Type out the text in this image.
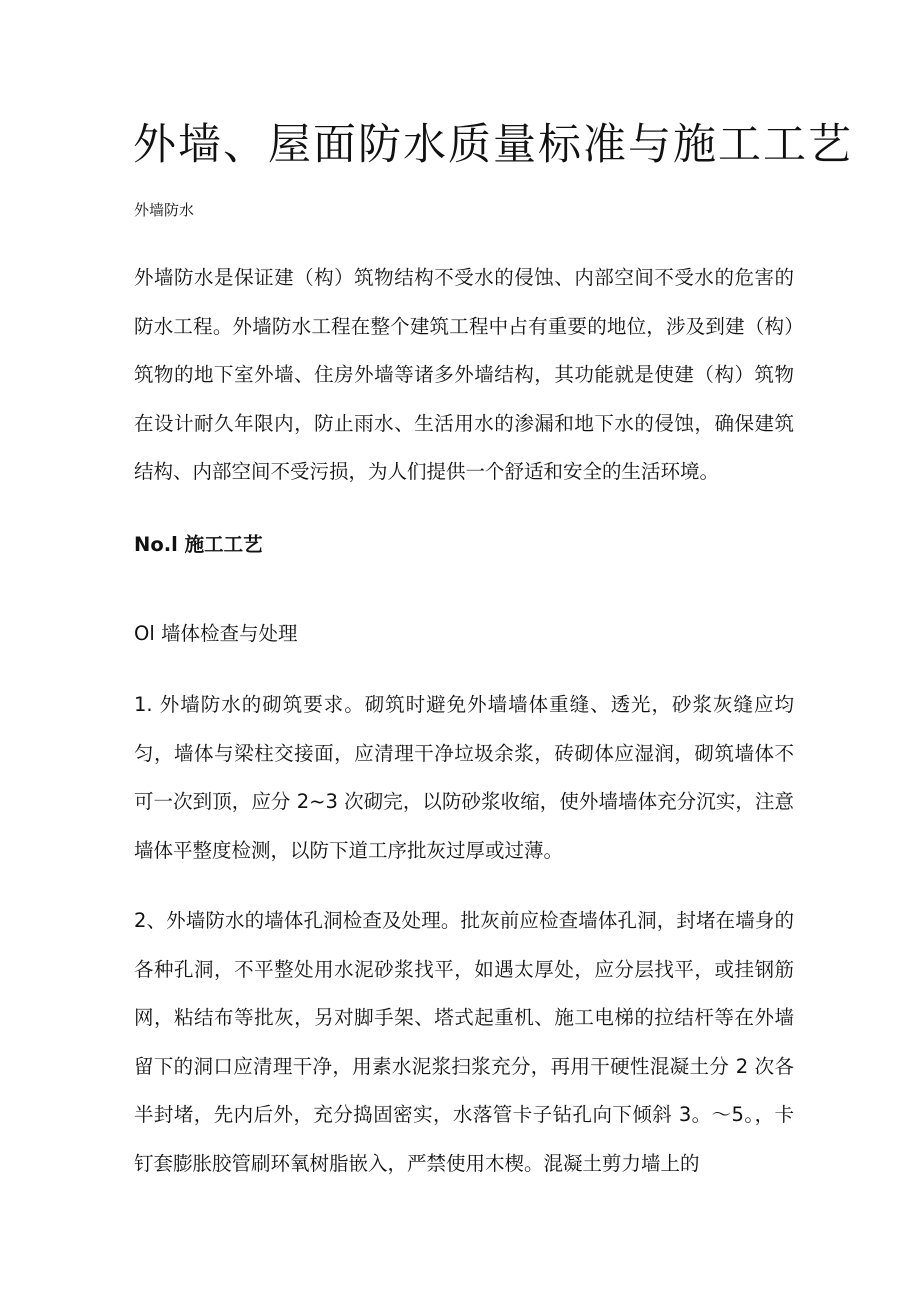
外墙、屋面防水质量标准与施工工艺

外墙防水

外墙防水是保证建（构）筑物结构不受水的侵蚀、内部空间不受水的危害的防水工程。外墙防水工程在整个建筑工程中占有重要的地位，涉及到建（构）筑物的地下室外墙、住房外墙等诸多外墙结构，其功能就是使建（构）筑物在设计耐久年限内，防止雨水、生活用水的渗漏和地下水的侵蚀，确保建筑结构、内部空间不受污损，为人们提供一个舒适和安全的生活环境。

No.l 施工工艺
Ol 墙体检查与处理

1. 外墙防水的砌筑要求。砌筑时避免外墙墙体重缝、透光，砂浆灰缝应均匀，墙体与梁柱交接面，应清理干净垃圾余浆，砖砌体应湿润，砌筑墙体不可一次到顶，应分 2~3 次砌完，以防砂浆收缩，使外墙墙体充分沉实，注意墙体平整度检测，以防下道工序批灰过厚或过薄。

2、外墙防水的墙体孔洞检查及处理。批灰前应检查墙体孔洞，封堵在墙身的各种孔洞，不平整处用水泥砂浆找平，如遇太厚处，应分层找平，或挂钢筋网，粘结布等批灰，另对脚手架、塔式起重机、施工电梯的拉结杆等在外墙留下的洞口应清理干净，用素水泥浆扫浆充分，再用干硬性混凝土分 2 次各半封堵，先内后外，充分捣固密实，水落管卡子钻孔向下倾斜 3。～5。，卡钉套膨胀胶管刷环氧树脂嵌入，严禁使用木楔。混凝土剪力墙上的
